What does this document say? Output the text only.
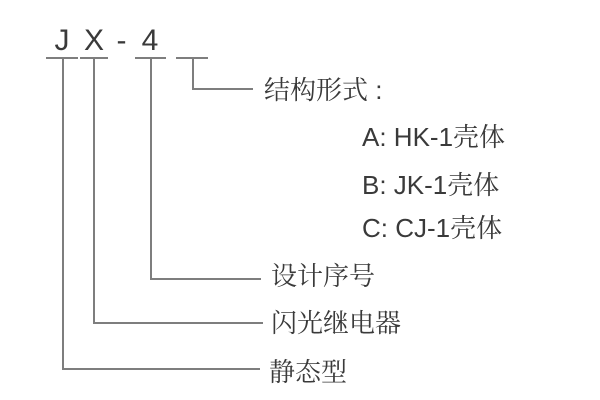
J X - 4
结构形式 :
A: HK-1壳体
B: JK-1壳体
C: CJ-1壳体
设计序号
闪光继电器
静态型
